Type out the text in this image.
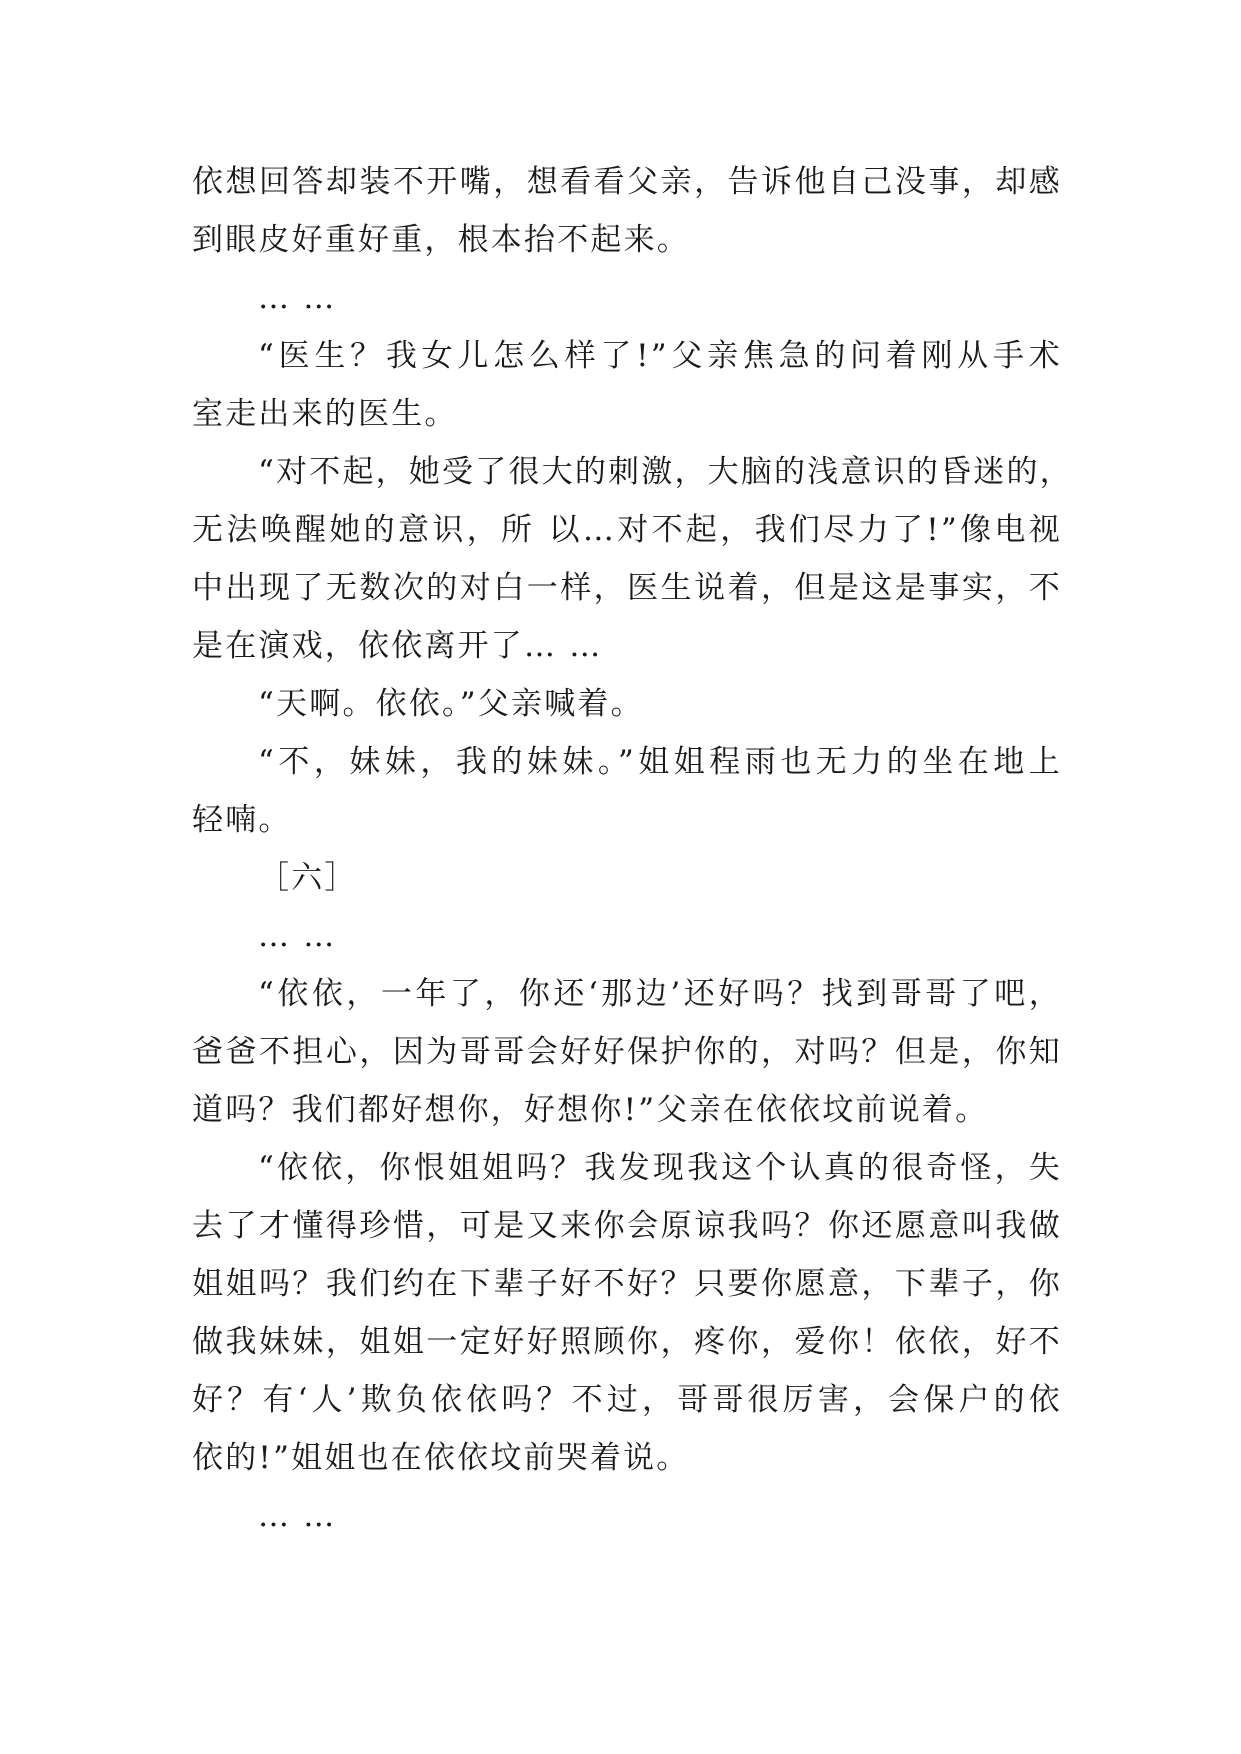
依想回答却装不开嘴，想看看父亲，告诉他自己没事，却感
到眼皮好重好重，根本抬不起来。
… …
“医生？我女儿怎么样了!”父亲焦急的问着刚从手术
室走出来的医生。
“对不起，她受了很大的刺激，大脑的浅意识的昏迷的，
无法唤醒她的意识，所 以…对不起，我们尽力了!”像电视
中出现了无数次的对白一样，医生说着，但是这是事实，不
是在演戏，依依离开了… …
“天啊。依依。”父亲喊着。
“不，妹妹，我的妹妹。”姐姐程雨也无力的坐在地上
轻喃。
［六］
… …
“依依，一年了，你还‘那边’还好吗？找到哥哥了吧，
爸爸不担心，因为哥哥会好好保护你的，对吗？但是，你知
道吗？我们都好想你，好想你!”父亲在依依坟前说着。
“依依，你恨姐姐吗？我发现我这个认真的很奇怪，失
去了才懂得珍惜，可是又来你会原谅我吗？你还愿意叫我做
姐姐吗？我们约在下辈子好不好？只要你愿意，下辈子，你
做我妹妹，姐姐一定好好照顾你，疼你，爱你！依依，好不
好？有‘人’欺负依依吗？不过，哥哥很厉害，会保户的依
依的!”姐姐也在依依坟前哭着说。
… …
